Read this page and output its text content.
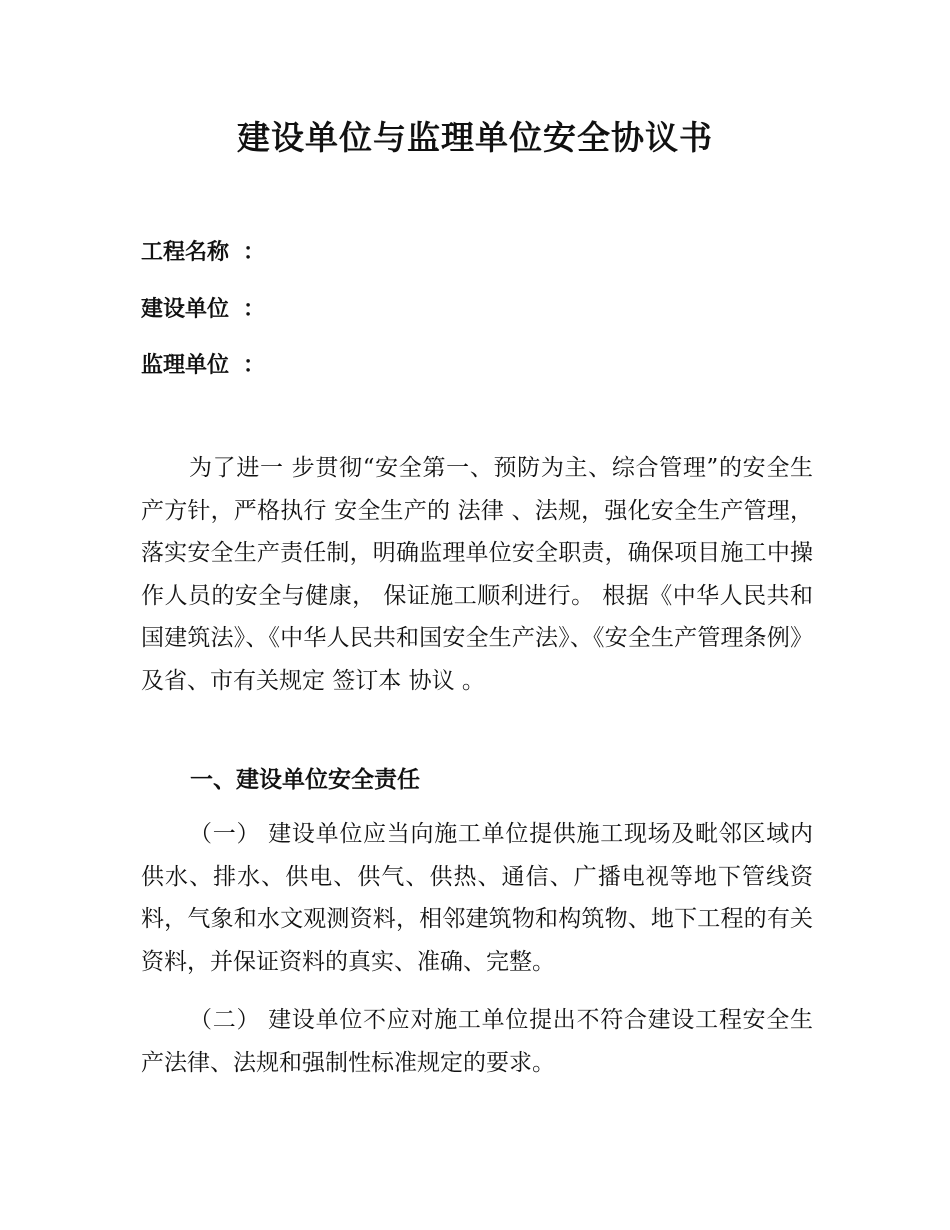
建设单位与监理单位安全协议书
工程名称 ：
建设单位 ：
监理单位 ：

为了进一 步贯彻“安全第一、预防为主、综合管理”的安全生产方针，严格执行 安全生产的 法律 、法规，强化安全生产管理，落实安全生产责任制，明确监理单位安全职责，确保项目施工中操作人员的安全与健康， 保证施工顺利进行。 根据《中华人民共和国建筑法》、《中华人民共和国安全生产法》、《安全生产管理条例》 及省、市有关规定 签订本 协议 。

一、建设单位安全责任

（一） 建设单位应当向施工单位提供施工现场及毗邻区域内供水、排水、供电、供气、供热、通信、广播电视等地下管线资料，气象和水文观测资料，相邻建筑物和构筑物、地下工程的有关资料，并保证资料的真实、准确、完整。

（二） 建设单位不应对施工单位提出不符合建设工程安全生产法律、法规和强制性标准规定的要求。
